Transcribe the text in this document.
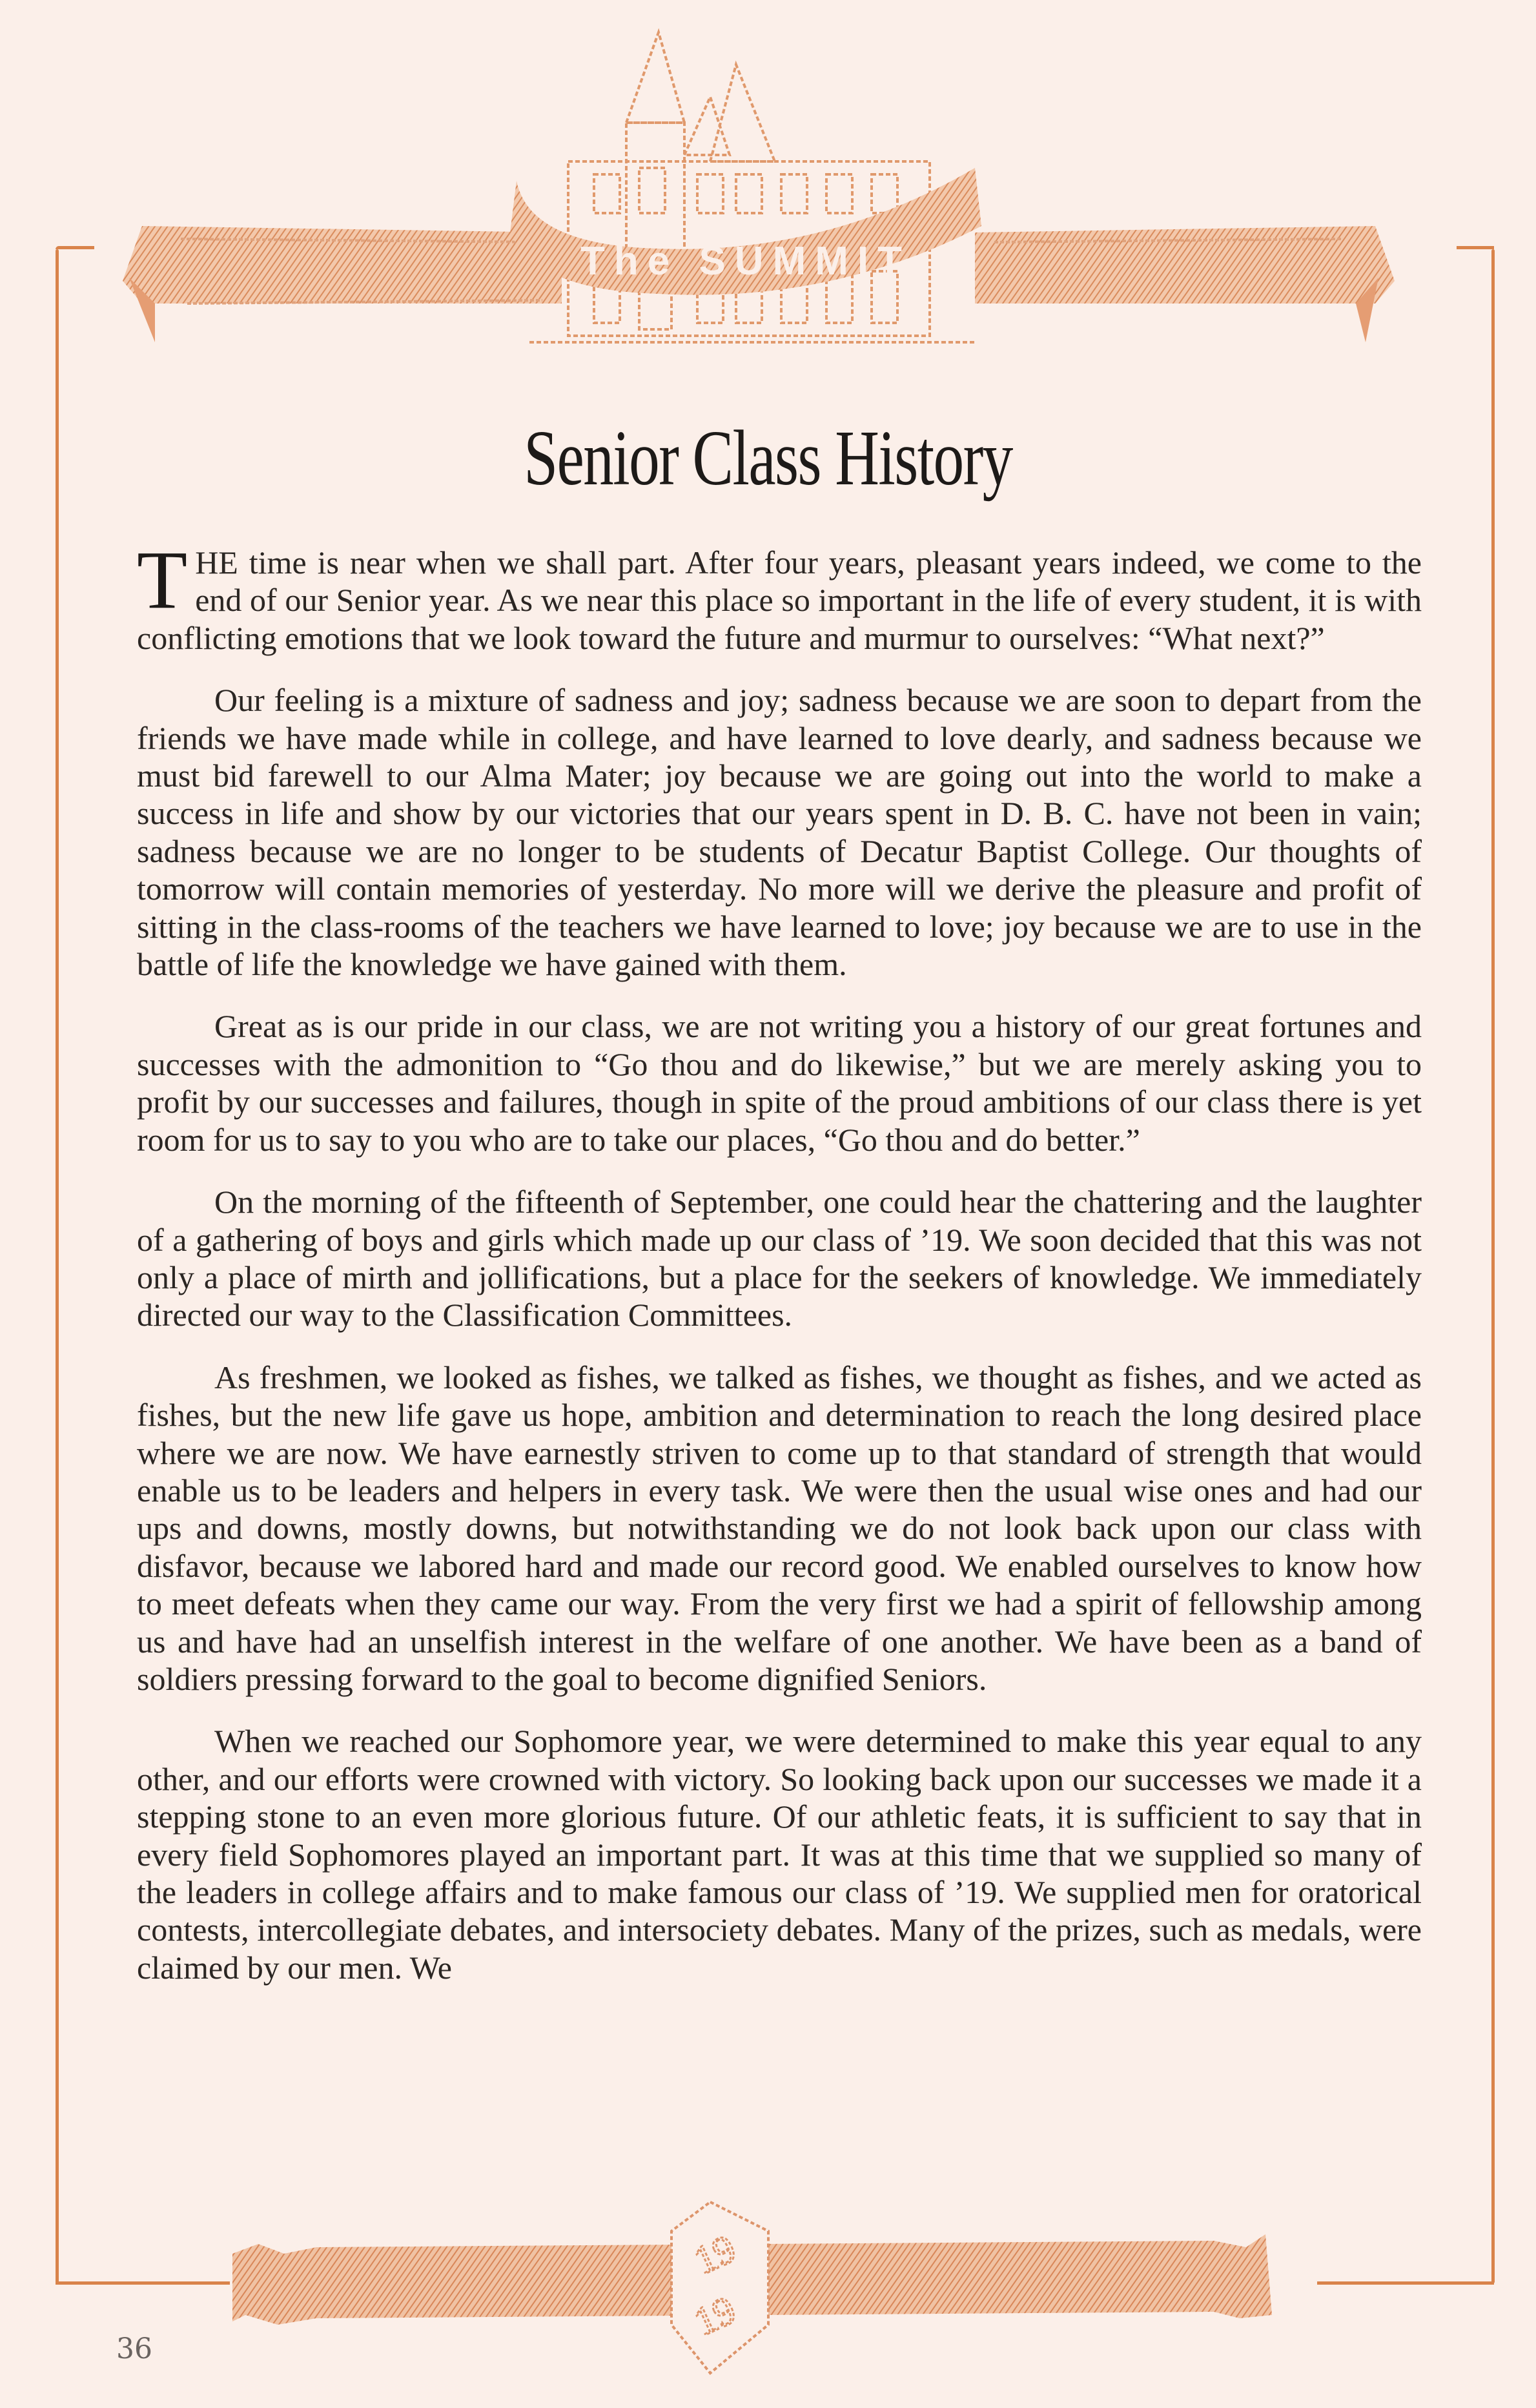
The SUMMIT
Senior Class History

THE time is near when we shall part. After four years, pleasant years indeed, we come to the end of our Senior year. As we near this place so important in the life of every student, it is with conflicting emotions that we look toward the future and murmur to ourselves: “What next?”

Our feeling is a mixture of sadness and joy; sadness because we are soon to depart from the friends we have made while in college, and have learned to love dearly, and sadness because we must bid farewell to our Alma Mater; joy because we are going out into the world to make a success in life and show by our victories that our years spent in D. B. C. have not been in vain; sadness because we are no longer to be students of Decatur Baptist College. Our thoughts of tomorrow will contain memories of yesterday. No more will we derive the pleasure and profit of sitting in the class-rooms of the teachers we have learned to love; joy because we are to use in the battle of life the knowledge we have gained with them.

Great as is our pride in our class, we are not writing you a history of our great fortunes and successes with the admonition to “Go thou and do likewise,” but we are merely asking you to profit by our successes and failures, though in spite of the proud ambitions of our class there is yet room for us to say to you who are to take our places, “Go thou and do better.”

On the morning of the fifteenth of September, one could hear the chattering and the laughter of a gathering of boys and girls which made up our class of ’19. We soon decided that this was not only a place of mirth and jollifications, but a place for the seekers of knowledge. We immediately directed our way to the Classification Committees.

As freshmen, we looked as fishes, we talked as fishes, we thought as fishes, and we acted as fishes, but the new life gave us hope, ambition and determination to reach the long desired place where we are now. We have earnestly striven to come up to that standard of strength that would enable us to be leaders and helpers in every task. We were then the usual wise ones and had our ups and downs, mostly downs, but notwithstanding we do not look back upon our class with disfavor, because we labored hard and made our record good. We enabled ourselves to know how to meet defeats when they came our way. From the very first we had a spirit of fellowship among us and have had an unselfish interest in the welfare of one another. We have been as a band of soldiers pressing forward to the goal to become dignified Seniors.

When we reached our Sophomore year, we were determined to make this year equal to any other, and our efforts were crowned with victory. So looking back upon our successes we made it a stepping stone to an even more glorious future. Of our athletic feats, it is sufficient to say that in every field Sophomores played an important part. It was at this time that we supplied so many of the leaders in college affairs and to make famous our class of ’19. We supplied men for oratorical contests, intercollegiate debates, and intersociety debates. Many of the prizes, such as medals, were claimed by our men. We

19
19
36
